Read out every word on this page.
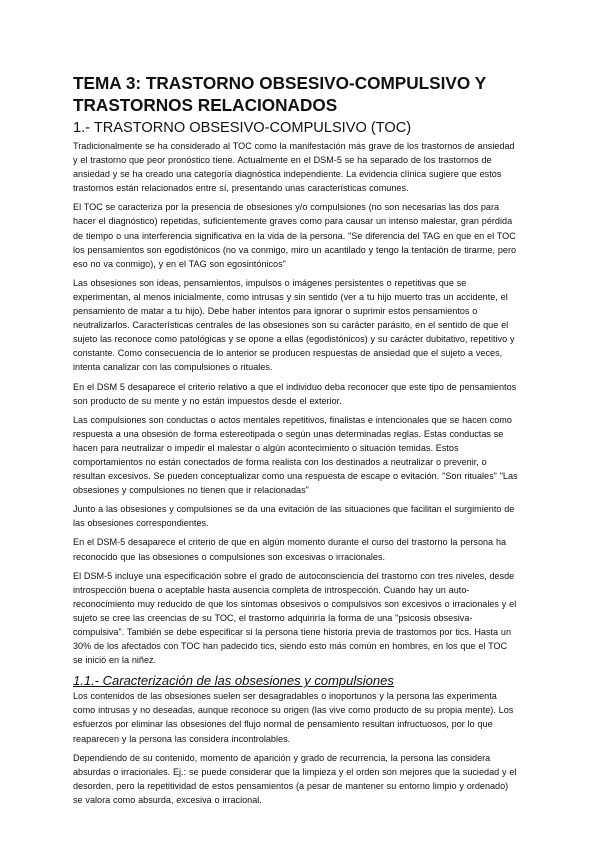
TEMA 3: TRASTORNO OBSESIVO-COMPULSIVO Y TRASTORNOS RELACIONADOS
1.- TRASTORNO OBSESIVO-COMPULSIVO (TOC)

Tradicionalmente se ha considerado al TOC como la manifestación más grave de los trastornos de ansiedad y el trastorno que peor pronóstico tiene. Actualmente en el DSM-5 se ha separado de los trastornos de ansiedad y se ha creado una categoría diagnóstica independiente. La evidencia clínica sugiere que estos trastornos están relacionados entre sí, presentando unas características comunes.

El TOC se caracteriza por la presencia de obsesiones y/o compulsiones (no son necesarias las dos para hacer el diagnóstico) repetidas, suficientemente graves como para causar un intenso malestar, gran pérdida de tiempo o una interferencia significativa en la vida de la persona. "Se diferencia del TAG en que en el TOC los pensamientos son egodistónicos (no va conmigo, miro un acantilado y tengo la tentación de tirarme, pero eso no va conmigo), y en el TAG son egosintónicos"

Las obsesiones son ideas, pensamientos, impulsos o imágenes persistentes o repetitivas que se experimentan, al menos inicialmente, como intrusas y sin sentido (ver a tu hijo muerto tras un accidente, el pensamiento de matar a tu hijo). Debe haber intentos para ignorar o suprimir estos pensamientos o neutralizarlos. Características centrales de las obsesiones son su carácter parásito, en el sentido de que el sujeto las reconoce como patológicas y se opone a ellas (egodistónicos) y su carácter dubitativo, repetitivo y constante. Como consecuencia de lo anterior se producen respuestas de ansiedad que el sujeto a veces, intenta canalizar con las compulsiones o rituales.

En el DSM 5 desaparece el criterio relativo a que el individuo deba reconocer que este tipo de pensamientos son producto de su mente y no están impuestos desde el exterior.

Las compulsiones son conductas o actos mentales repetitivos, finalistas e intencionales que se hacen como respuesta a una obsesión de forma estereotipada o según unas determinadas reglas. Estas conductas se hacen para neutralizar o impedir el malestar o algún acontecimiento o situación temidas. Estos comportamientos no están conectados de forma realista con los destinados a neutralizar o prevenir, o resultan excesivos. Se pueden conceptualizar como una respuesta de escape o evitación. "Son rituales" "Las obsesiones y compulsiones no tienen que ir relacionadas"

Junto a las obsesiones y compulsiones se da una evitación de las situaciones que facilitan el surgimiento de las obsesiones correspondientes.

En el DSM-5 desaparece el criterio de que en algún momento durante el curso del trastorno la persona ha reconocido que las obsesiones o compulsiones son excesivas o irracionales.

El DSM-5 incluye una especificación sobre el grado de autoconsciencia del trastorno con tres niveles, desde introspección buena o aceptable hasta ausencia completa de introspección. Cuando hay un auto-reconocimiento muy reducido de que los síntomas obsesivos o compulsivos son excesivos o irracionales y el sujeto se cree las creencias de su TOC, el trastorno adquiriría la forma de una "psicosis obsesiva-compulsiva". También se debe especificar si la persona tiene historia previa de trastornos por tics. Hasta un 30% de los afectados con TOC han padecido tics, siendo esto más común en hombres, en los que el TOC se inició en la niñez.

1.1.- Caracterización de las obsesiones y compulsiones

Los contenidos de las obsesiones suelen ser desagradables o inoportunos y la persona las experimenta como intrusas y no deseadas, aunque reconoce su origen (las vive como producto de su propia mente). Los esfuerzos por eliminar las obsesiones del flujo normal de pensamiento resultan infructuosos, por lo que reaparecen y la persona las considera incontrolables.

Dependiendo de su contenido, momento de aparición y grado de recurrencia, la persona las considera absurdas o irracionales. Ej.: se puede considerar que la limpieza y el orden son mejores que la suciedad y el desorden, pero la repetitividad de estos pensamientos (a pesar de mantener su entorno limpio y ordenado) se valora como absurda, excesiva o irracional.
